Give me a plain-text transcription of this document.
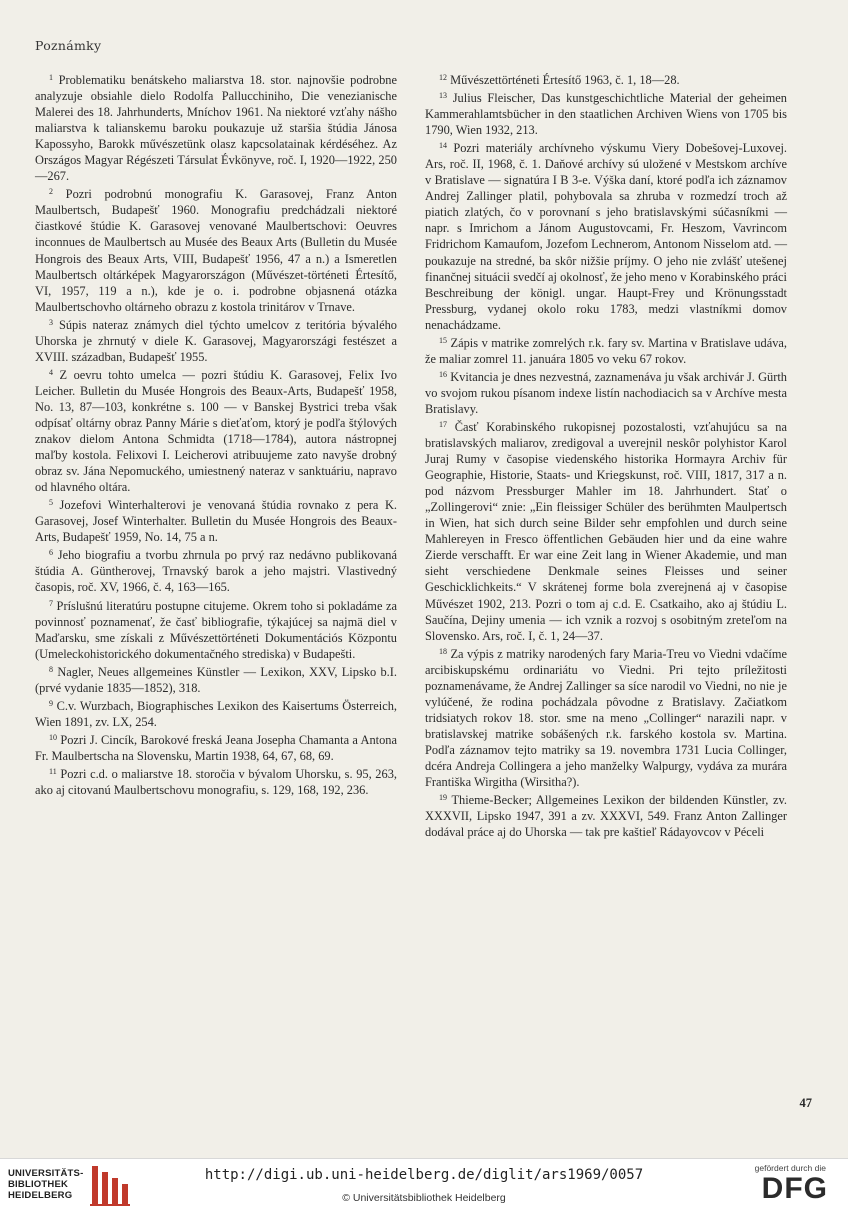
Poznámky

$^1$ Problematiku benátskeho maliarstva 18. stor. najnovšie podrobne analyzuje obsiahle dielo Rodolfa Pallucchiniho, Die venezianische Malerei des 18. Jahrhunderts, Mníchov 1961. Na niektoré vzťahy nášho maliarstva k talianskemu baroku poukazuje už staršia štúdia Jánosa Kapossyho, Barokk művészetünk olasz kapcsolatainak kérdéséhez. Az Országos Magyar Régészeti Társulat Évkönyve, roč. I, 1920—1922, 250—267.

$^2$ Pozri podrobnú monografiu K. Garasovej, Franz Anton Maulbertsch, Budapešť 1960. Monografiu predchádzali niektoré čiastkové štúdie K. Garasovej venované Maulbertschovi: Oeuvres inconnues de Maulbertsch au Musée des Beaux Arts (Bulletin du Musée Hongrois des Beaux Arts, VIII, Budapešť 1956, 47 a n.) a Ismeretlen Maulbertsch oltárképek Magyarországon (Művészet-történeti Értesítő, VI, 1957, 119 a n.), kde je o. i. podrobne objasnená otázka Maulbertschovho oltárneho obrazu z kostola trinitárov v Trnave.

$^3$ Súpis nateraz známych diel týchto umelcov z teritória bývalého Uhorska je zhrnutý v diele K. Garasovej, Magyarországi festészet a XVIII. században, Budapešť 1955.

$^4$ Z oevru tohto umelca — pozri štúdiu K. Garasovej, Felix Ivo Leicher. Bulletin du Musée Hongrois des Beaux-Arts, Budapešť 1958, No. 13, 87—103, konkrétne s. 100 — v Banskej Bystrici treba však odpísať oltárny obraz Panny Márie s dieťaťom, ktorý je podľa štýlových znakov dielom Antona Schmidta (1718—1784), autora nástropnej maľby kostola. Felixovi I. Leicherovi atribuujeme zato navyše drobný obraz sv. Jána Nepomuckého, umiestnený nateraz v sanktuáriu, napravo od hlavného oltára.

$^5$ Jozefovi Winterhalterovi je venovaná štúdia rovnako z pera K. Garasovej, Josef Winterhalter. Bulletin du Musée Hongrois des Beaux-Arts, Budapešť 1959, No. 14, 75 a n.

$^6$ Jeho biografiu a tvorbu zhrnula po prvý raz nedávno publikovaná štúdia A. Güntherovej, Trnavský barok a jeho majstri. Vlastivedný časopis, roč. XV, 1966, č. 4, 163—165.

$^7$ Príslušnú literatúru postupne citujeme. Okrem toho si pokladáme za povinnosť poznamenať, že časť bibliografie, týkajúcej sa najmä diel v Maďarsku, sme získali z Művészettörténeti Dokumentációs Központu (Umeleckohistorického dokumentačného strediska) v Budapešti.

$^8$ Nagler, Neues allgemeines Künstler — Lexikon, XXV, Lipsko b.I. (prvé vydanie 1835—1852), 318.

$^9$ C.v. Wurzbach, Biographisches Lexikon des Kaisertums Österreich, Wien 1891, zv. LX, 254.

$^{10}$ Pozri J. Cincík, Barokové freská Jeana Josepha Chamanta a Antona Fr. Maulbertscha na Slovensku, Martin 1938, 64, 67, 68, 69.

$^{11}$ Pozri c.d. o maliarstve 18. storočia v bývalom Uhorsku, s. 95, 263, ako aj citovanú Maulbertschovu monografiu, s. 129, 168, 192, 236.

$^{12}$ Művészettörténeti Értesítő 1963, č. 1, 18—28.

$^{13}$ Julius Fleischer, Das kunstgeschichtliche Material der geheimen Kammerahlamtsbücher in den staatlichen Archiven Wiens von 1705 bis 1790, Wien 1932, 213.

$^{14}$ Pozri materiály archívneho výskumu Viery Dobešovej-Luxovej. Ars, roč. II, 1968, č. 1. Daňové archívy sú uložené v Mestskom archíve v Bratislave — signatúra I B 3-e. Výška daní, ktoré podľa ich záznamov Andrej Zallinger platil, pohybovala sa zhruba v rozmedzí troch až piatich zlatých, čo v porovnaní s jeho bratislavskými súčasníkmi — napr. s Imrichom a Jánom Augustovcami, Fr. Heszom, Vavrincom Fridrichom Kamaufom, Jozefom Lechnerom, Antonom Nisselom atd. — poukazuje na stredné, ba skôr nižšie príjmy. O jeho nie zvlášť utešenej finančnej situácii svedčí aj okolnosť, že jeho meno v Korabinského práci Beschreibung der königl. ungar. Haupt-Frey und Krönungsstadt Pressburg, vydanej okolo roku 1783, medzi vlastníkmi domov nenachádzame.

$^{15}$ Zápis v matrike zomrelých r.k. fary sv. Martina v Bratislave udáva, že maliar zomrel 11. januára 1805 vo veku 67 rokov.

$^{16}$ Kvitancia je dnes nezvestná, zaznamenáva ju však archivár J. Gürth vo svojom rukou písanom indexe listín nachodiacich sa v Archíve mesta Bratislavy.

$^{17}$ Časť Korabinského rukopisnej pozostalosti, vzťahujúcu sa na bratislavských maliarov, zredigoval a uverejnil neskôr polyhistor Karol Juraj Rumy v časopise viedenského historika Hormayra Archiv für Geographie, Historie, Staats- und Kriegskunst, roč. VIII, 1817, 317 a n. pod názvom Pressburger Mahler im 18. Jahrhundert. Stať o „Zollingerovi“ znie: „Ein fleissiger Schüler des berühmten Maulpertsch in Wien, hat sich durch seine Bilder sehr empfohlen und durch seine Mahlereyen in Fresco öffentlichen Gebäuden hier und da eine wahre Zierde verschafft. Er war eine Zeit lang in Wiener Akademie, und man sieht verschiedene Denkmale seines Fleisses und seiner Geschicklichkeits.“ V skrátenej forme bola zverejnená aj v časopise Művészet 1902, 213. Pozri o tom aj c.d. E. Csatkaiho, ako aj štúdiu L. Saučína, Dejiny umenia — ich vznik a rozvoj s osobitným zreteľom na Slovensko. Ars, roč. I, č. 1, 24—37.

$^{18}$ Za výpis z matriky narodených fary Maria-Treu vo Viedni vdačíme arcibiskupskému ordinariátu vo Viedni. Pri tejto príležitosti poznamenávame, že Andrej Zallinger sa síce narodil vo Viedni, no nie je vylúčené, že rodina pochádzala pôvodne z Bratislavy. Začiatkom tridsiatych rokov 18. stor. sme na meno „Collinger“ narazili napr. v bratislavskej matrike sobášených r.k. farského kostola sv. Martina. Podľa záznamov tejto matriky sa 19. novembra 1731 Lucia Collinger, dcéra Andreja Collingera a jeho manželky Walpurgy, vydáva za murára Františka Wirgitha (Wirsitha?).

$^{19}$ Thieme-Becker; Allgemeines Lexikon der bildenden Künstler, zv. XXXVII, Lipsko 1947, 391 a zv. XXXVI, 549. Franz Anton Zallinger dodával práce aj do Uhorska — tak pre kaštieľ Rádayovcov v Péceli

47
UNIVERSITÄTS-
BIBLIOTHEK
HEIDELBERG
http://digi.ub.uni-heidelberg.de/diglit/ars1969/0057
© Universitätsbibliothek Heidelberg
gefördert durch die
DFG
